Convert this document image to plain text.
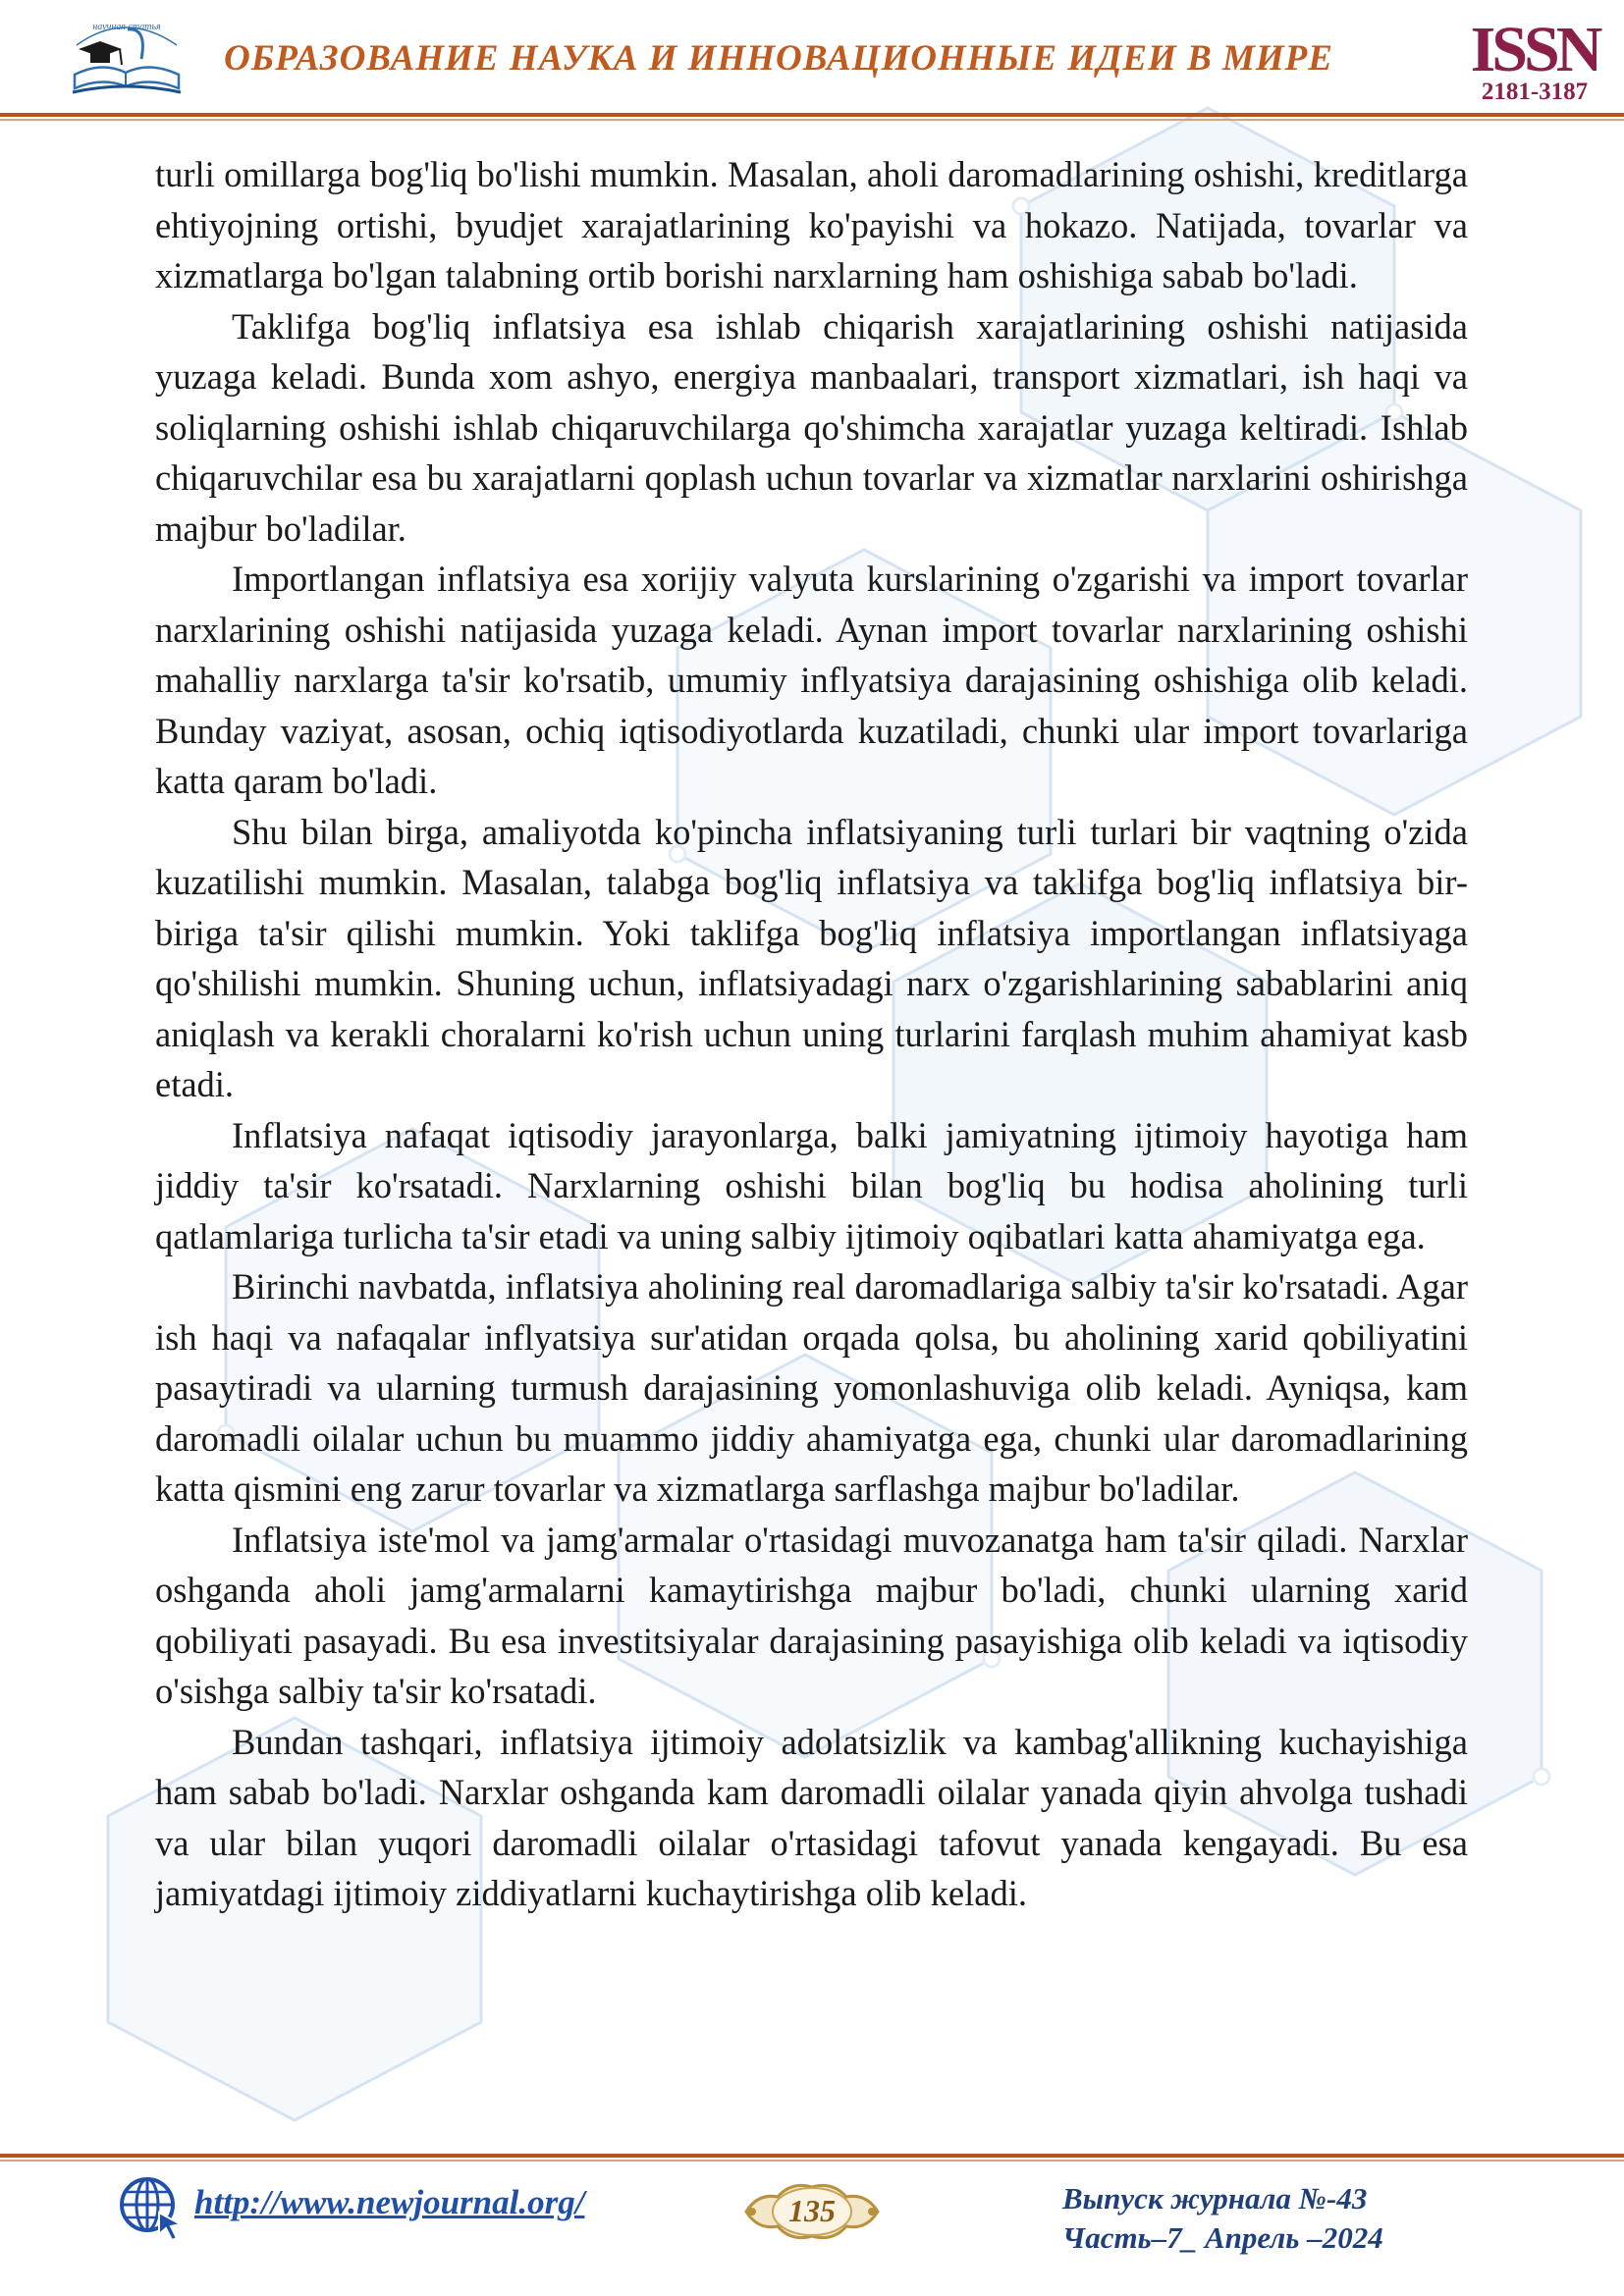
научная статья
ОБРАЗОВАНИЕ НАУКА И ИННОВАЦИОННЫЕ ИДЕИ В МИРЕ ISSN
2181-3187

turli omillarga bog'liq bo'lishi mumkin. Masalan, aholi daromadlarining oshishi, kreditlarga ehtiyojning ortishi, byudjet xarajatlarining ko'payishi va hokazo. Natijada, tovarlar va xizmatlarga bo'lgan talabning ortib borishi narxlarning ham oshishiga sabab bo'ladi.

Taklifga bog'liq inflatsiya esa ishlab chiqarish xarajatlarining oshishi natijasida yuzaga keladi. Bunda xom ashyo, energiya manbaalari, transport xizmatlari, ish haqi va soliqlarning oshishi ishlab chiqaruvchilarga qo'shimcha xarajatlar yuzaga keltiradi. Ishlab chiqaruvchilar esa bu xarajatlarni qoplash uchun tovarlar va xizmatlar narxlarini oshirishga majbur bo'ladilar.

Importlangan inflatsiya esa xorijiy valyuta kurslarining o'zgarishi va import tovarlar narxlarining oshishi natijasida yuzaga keladi. Aynan import tovarlar narxlarining oshishi mahalliy narxlarga ta'sir ko'rsatib, umumiy inflyatsiya darajasining oshishiga olib keladi. Bunday vaziyat, asosan, ochiq iqtisodiyotlarda kuzatiladi, chunki ular import tovarlariga katta qaram bo'ladi.

Shu bilan birga, amaliyotda ko'pincha inflatsiyaning turli turlari bir vaqtning o'zida kuzatilishi mumkin. Masalan, talabga bog'liq inflatsiya va taklifga bog'liq inflatsiya bir-biriga ta'sir qilishi mumkin. Yoki taklifga bog'liq inflatsiya importlangan inflatsiyaga qo'shilishi mumkin. Shuning uchun, inflatsiyadagi narx o'zgarishlarining sabablarini aniq aniqlash va kerakli choralarni ko'rish uchun uning turlarini farqlash muhim ahamiyat kasb etadi.

Inflatsiya nafaqat iqtisodiy jarayonlarga, balki jamiyatning ijtimoiy hayotiga ham jiddiy ta'sir ko'rsatadi. Narxlarning oshishi bilan bog'liq bu hodisa aholining turli qatlamlariga turlicha ta'sir etadi va uning salbiy ijtimoiy oqibatlari katta ahamiyatga ega.

Birinchi navbatda, inflatsiya aholining real daromadlariga salbiy ta'sir ko'rsatadi. Agar ish haqi va nafaqalar inflyatsiya sur'atidan orqada qolsa, bu aholining xarid qobiliyatini pasaytiradi va ularning turmush darajasining yomonlashuviga olib keladi. Ayniqsa, kam daromadli oilalar uchun bu muammo jiddiy ahamiyatga ega, chunki ular daromadlarining katta qismini eng zarur tovarlar va xizmatlarga sarflashga majbur bo'ladilar.

Inflatsiya iste'mol va jamg'armalar o'rtasidagi muvozanatga ham ta'sir qiladi. Narxlar oshganda aholi jamg'armalarni kamaytirishga majbur bo'ladi, chunki ularning xarid qobiliyati pasayadi. Bu esa investitsiyalar darajasining pasayishiga olib keladi va iqtisodiy o'sishga salbiy ta'sir ko'rsatadi.

Bundan tashqari, inflatsiya ijtimoiy adolatsizlik va kambag'allikning kuchayishiga ham sabab bo'ladi. Narxlar oshganda kam daromadli oilalar yanada qiyin ahvolga tushadi va ular bilan yuqori daromadli oilalar o'rtasidagi tafovut yanada kengayadi. Bu esa jamiyatdagi ijtimoiy ziddiyatlarni kuchaytirishga olib keladi.

http://www.newjournal.org/	135	Выпуск журнала №-43
Часть–7_ Апрель –2024
